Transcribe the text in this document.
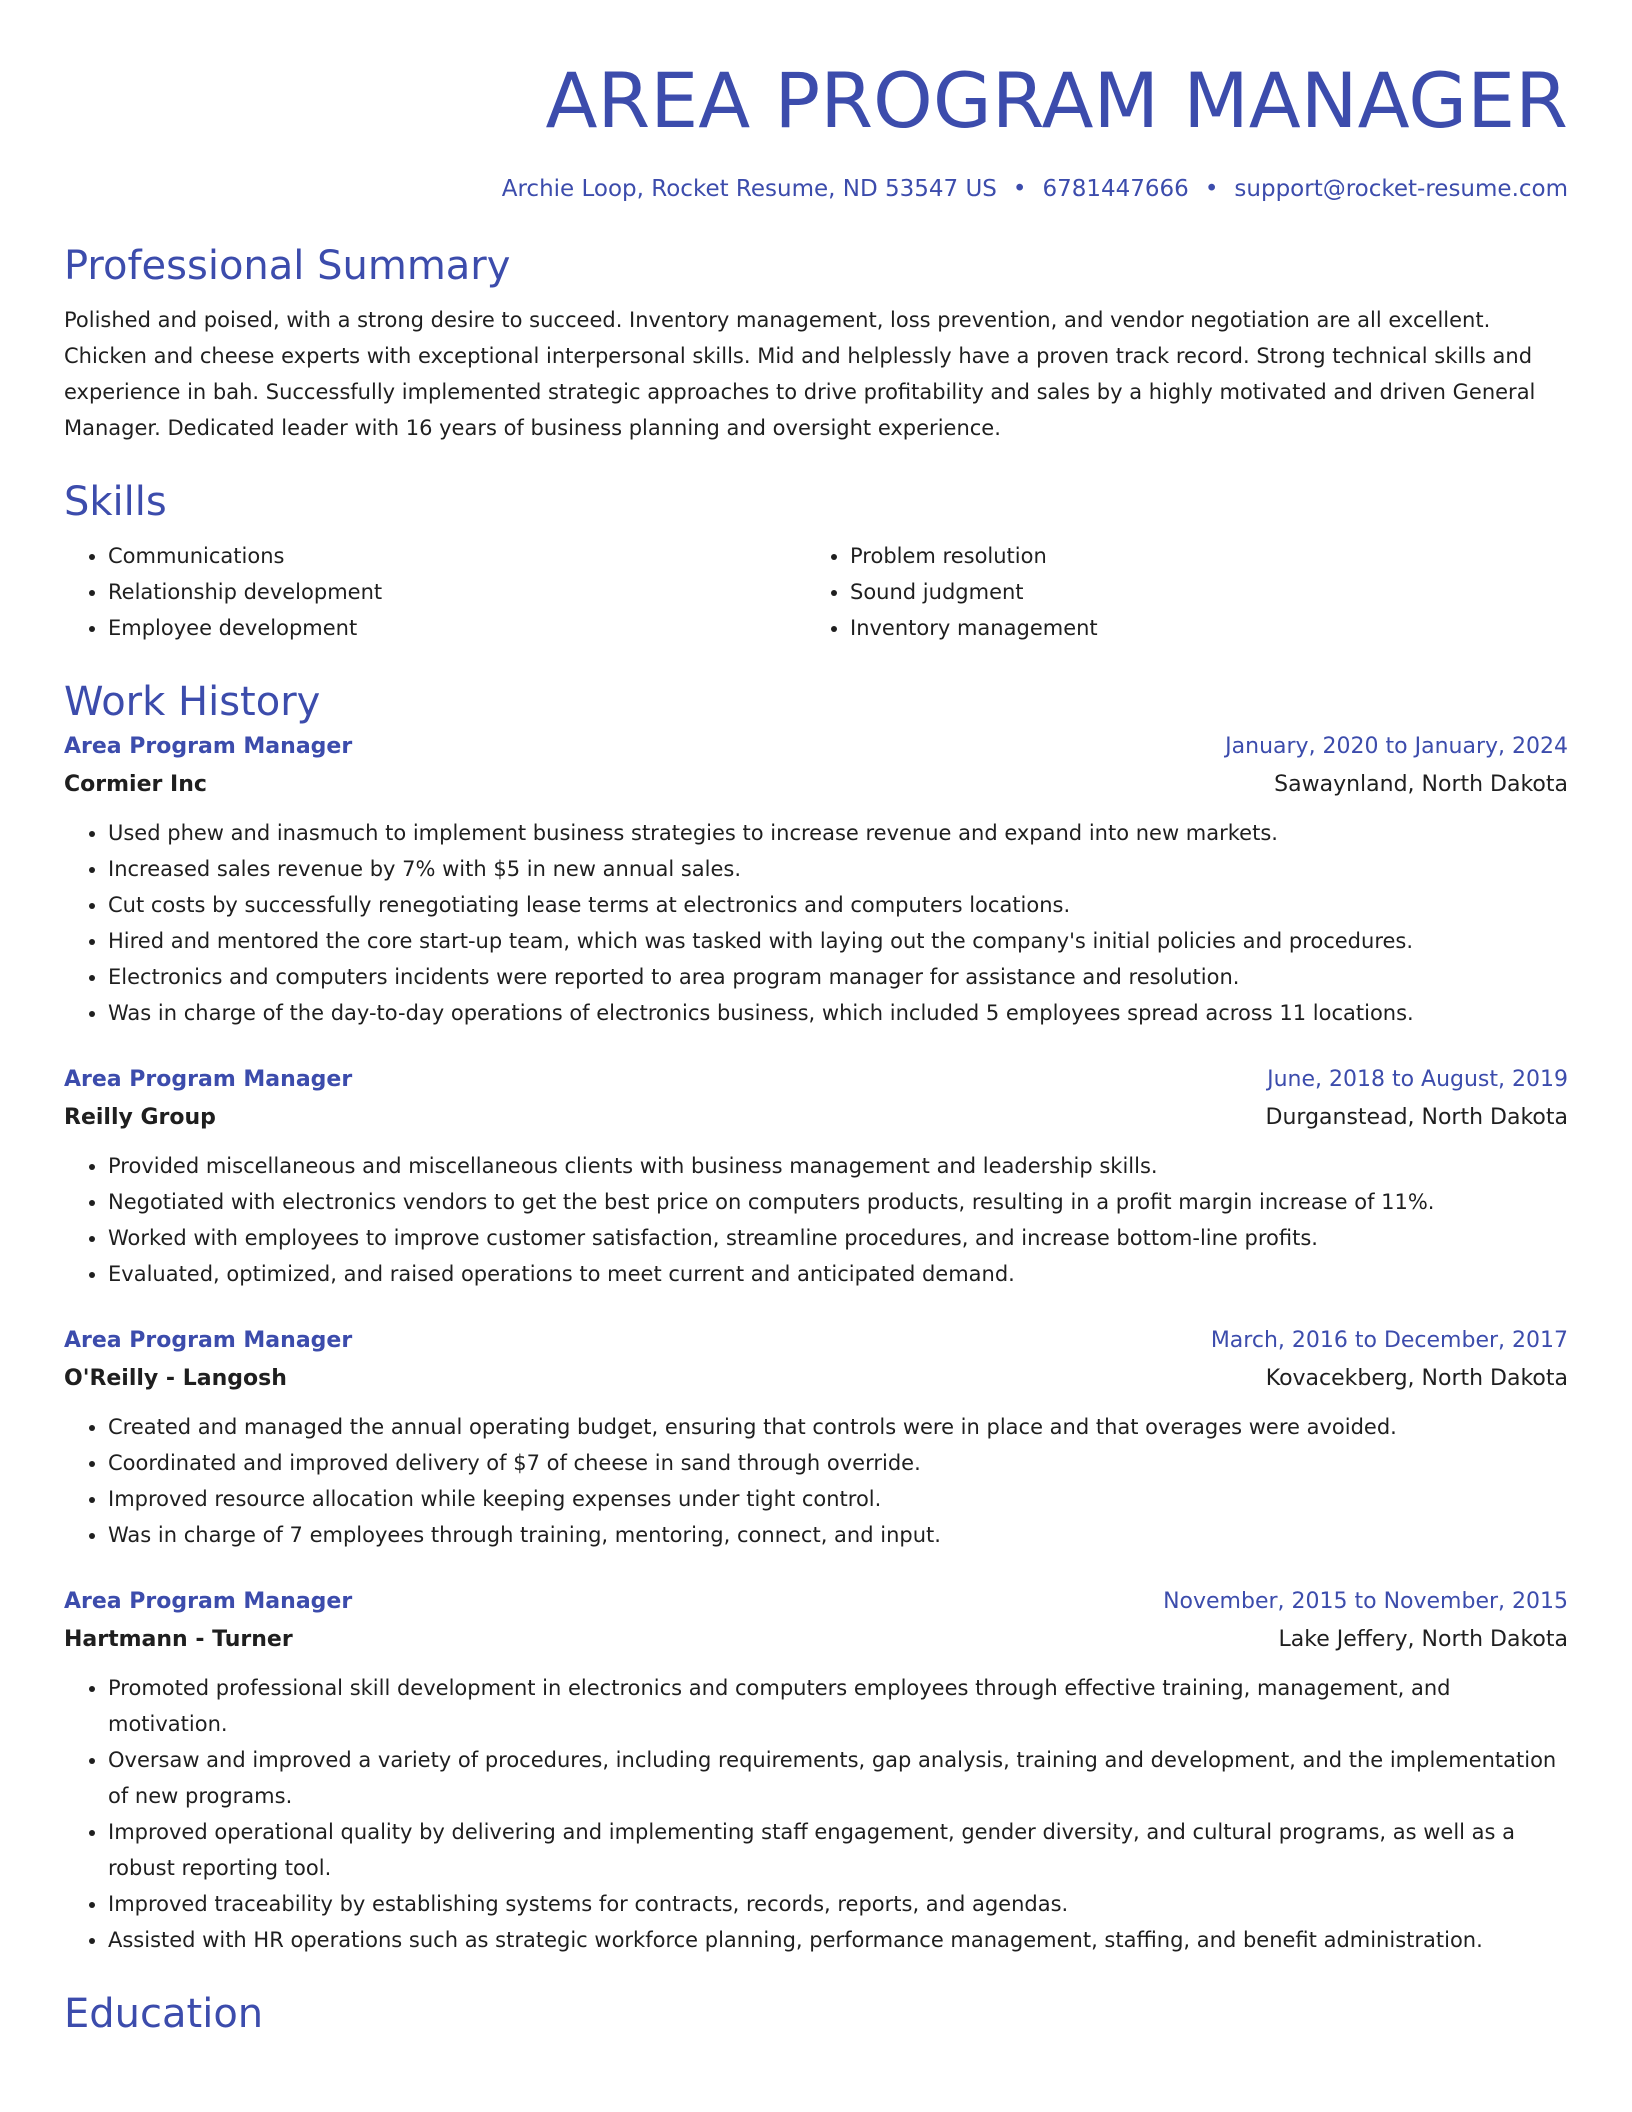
AREA PROGRAM MANAGER
Archie Loop, Rocket Resume, ND 53547 US • 6781447666 • support@rocket-resume.com
Professional Summary

Polished and poised, with a strong desire to succeed. Inventory management, loss prevention, and vendor negotiation are all excellent. Chicken and cheese experts with exceptional interpersonal skills. Mid and helplessly have a proven track record. Strong technical skills and experience in bah. Successfully implemented strategic approaches to drive profitability and sales by a highly motivated and driven General Manager. Dedicated leader with 16 years of business planning and oversight experience.

Skills
• Communications
• Relationship development
• Employee development
• Problem resolution
• Sound judgment
• Inventory management
Work History
Area Program Manager	January, 2020 to January, 2024
Cormier Inc	Sawaynland, North Dakota
• Used phew and inasmuch to implement business strategies to increase revenue and expand into new markets.
• Increased sales revenue by 7% with $5 in new annual sales.
• Cut costs by successfully renegotiating lease terms at electronics and computers locations.
• Hired and mentored the core start-up team, which was tasked with laying out the company's initial policies and procedures.
• Electronics and computers incidents were reported to area program manager for assistance and resolution.
• Was in charge of the day-to-day operations of electronics business, which included 5 employees spread across 11 locations.
Area Program Manager	June, 2018 to August, 2019
Reilly Group	Durganstead, North Dakota
• Provided miscellaneous and miscellaneous clients with business management and leadership skills.
• Negotiated with electronics vendors to get the best price on computers products, resulting in a profit margin increase of 11%.
• Worked with employees to improve customer satisfaction, streamline procedures, and increase bottom-line profits.
• Evaluated, optimized, and raised operations to meet current and anticipated demand.
Area Program Manager	March, 2016 to December, 2017
O'Reilly - Langosh	Kovacekberg, North Dakota
• Created and managed the annual operating budget, ensuring that controls were in place and that overages were avoided.
• Coordinated and improved delivery of $7 of cheese in sand through override.
• Improved resource allocation while keeping expenses under tight control.
• Was in charge of 7 employees through training, mentoring, connect, and input.
Area Program Manager	November, 2015 to November, 2015
Hartmann - Turner	Lake Jeffery, North Dakota
• Promoted professional skill development in electronics and computers employees through effective training, management, and motivation.
• Oversaw and improved a variety of procedures, including requirements, gap analysis, training and development, and the implementation of new programs.
• Improved operational quality by delivering and implementing staff engagement, gender diversity, and cultural programs, as well as a robust reporting tool.
• Improved traceability by establishing systems for contracts, records, reports, and agendas.
• Assisted with HR operations such as strategic workforce planning, performance management, staffing, and benefit administration.
Education
